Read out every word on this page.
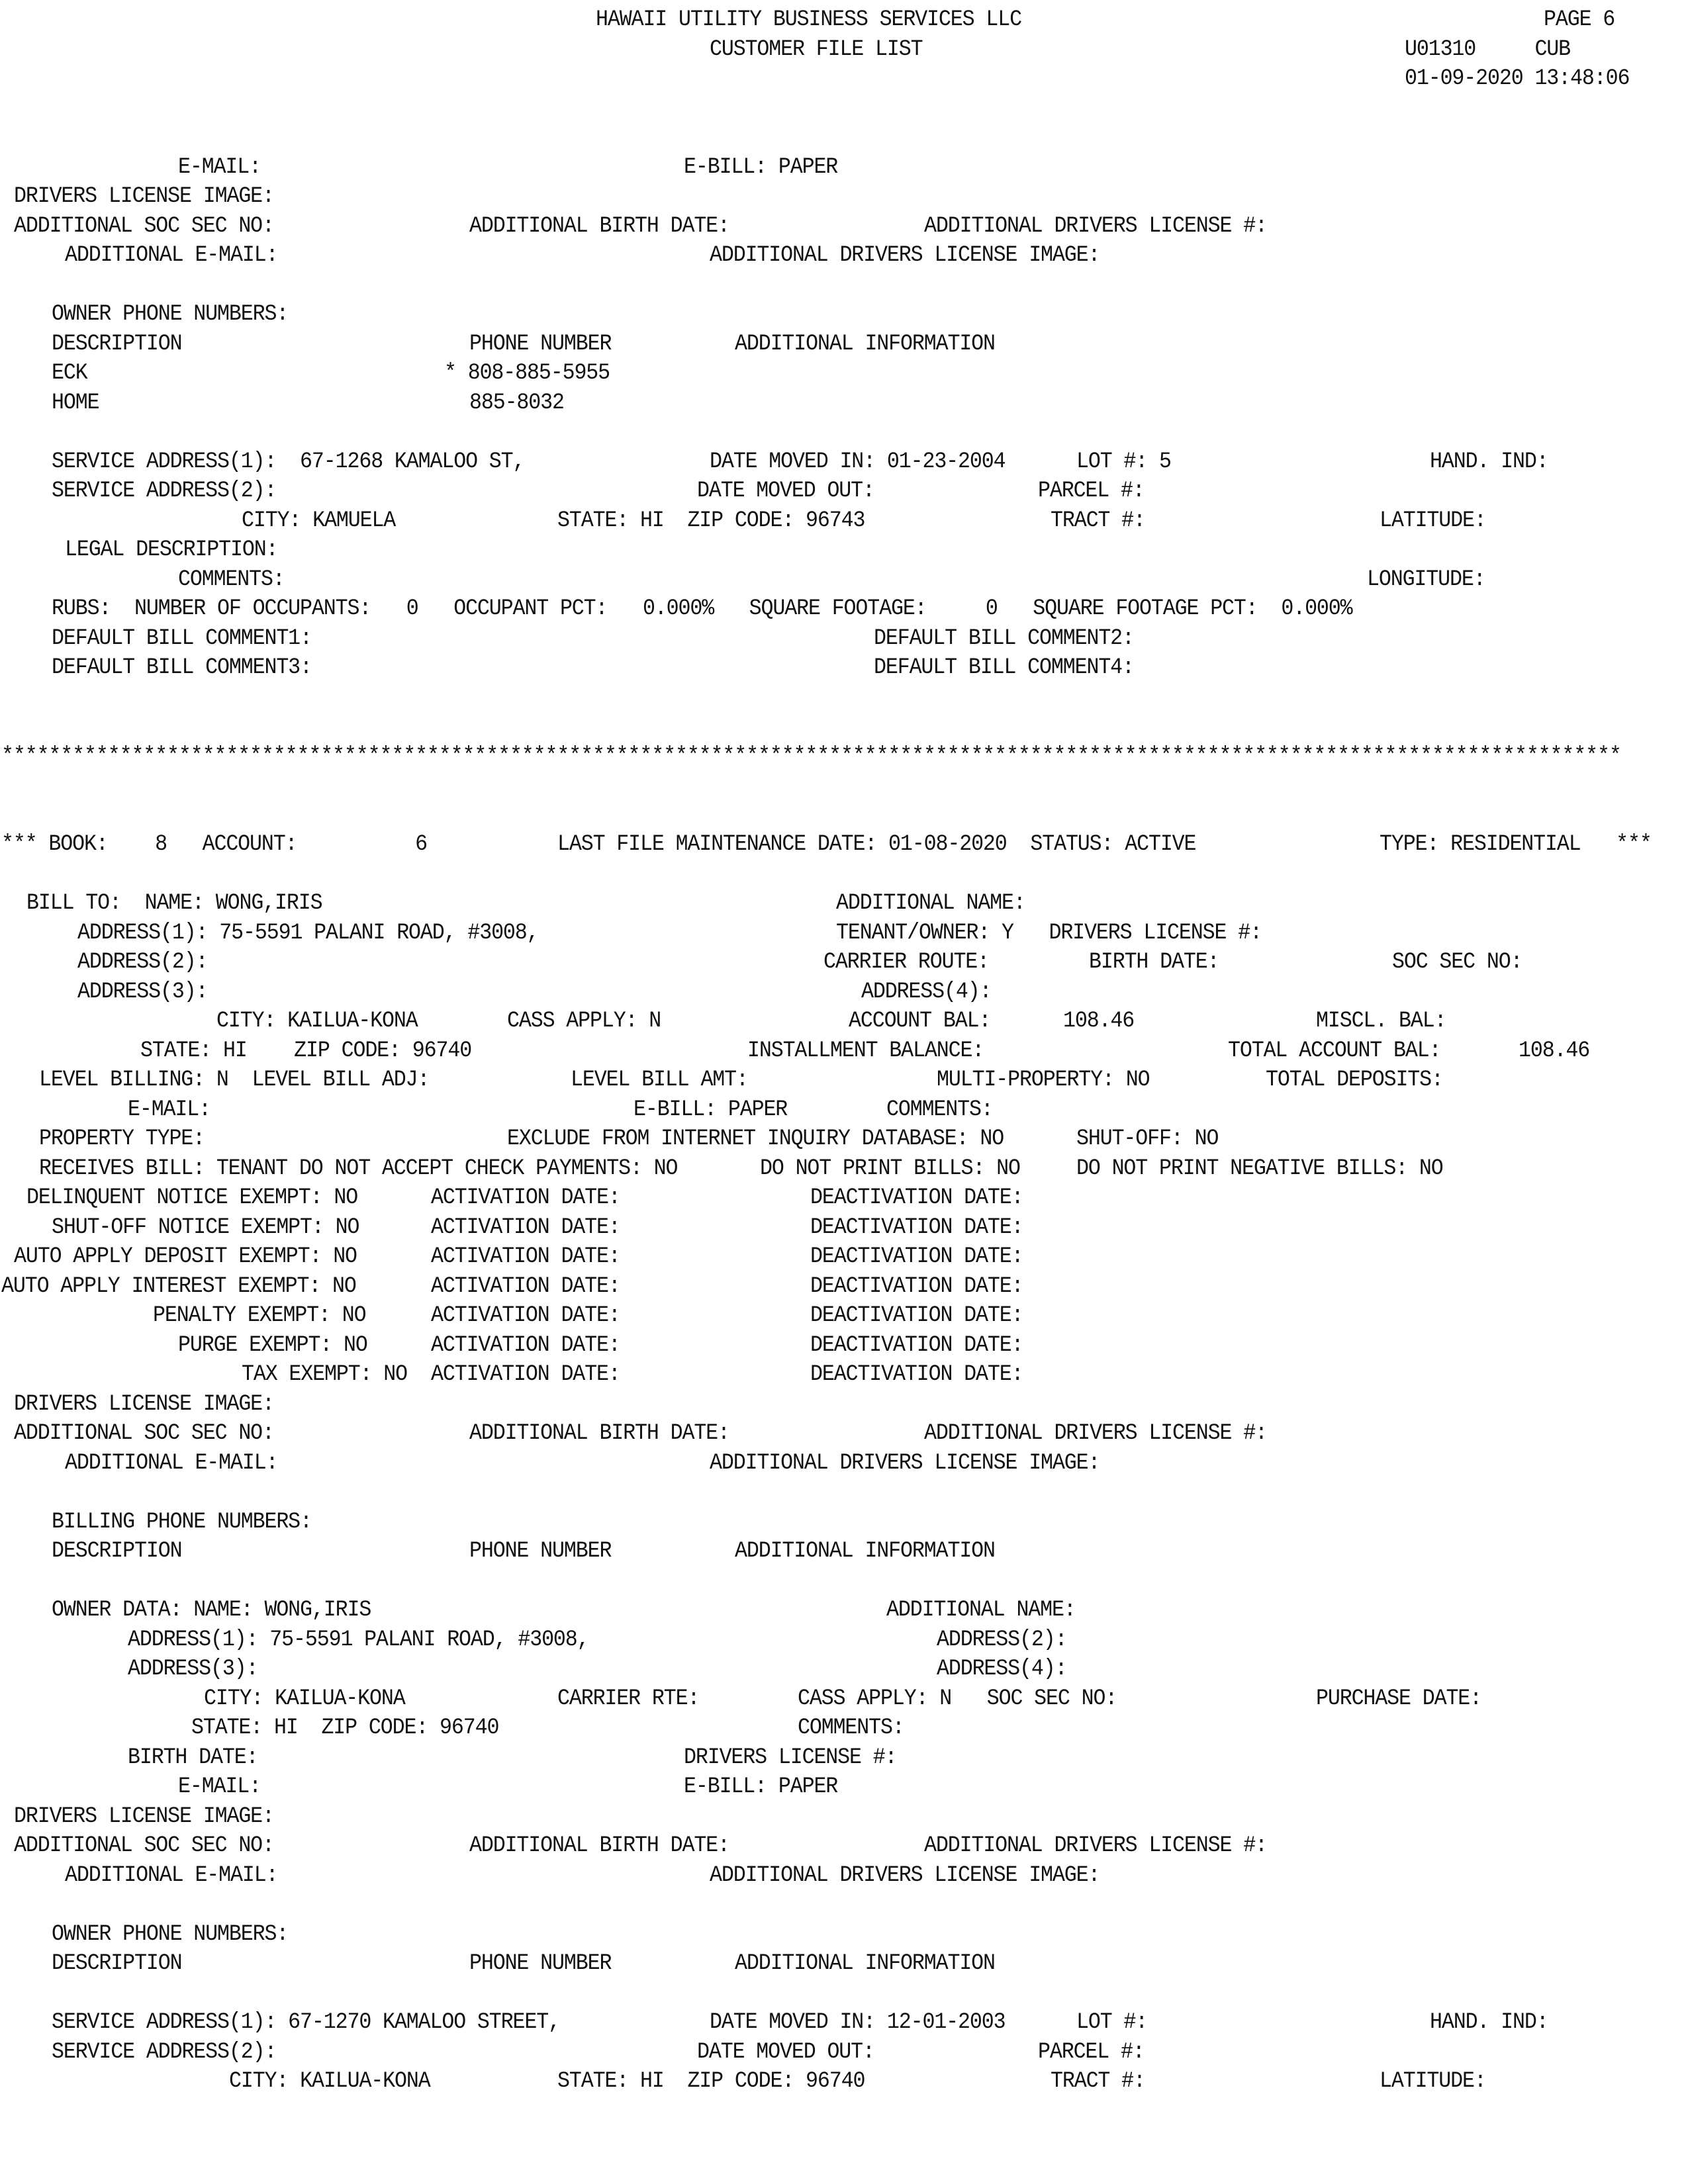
HAWAII UTILITY BUSINESS SERVICES LLC	PAGE 6
CUSTOMER FILE LIST	U01310     CUB
01-09-2020 13:48:06
E-MAIL:	E-BILL: PAPER
DRIVERS LICENSE IMAGE:
ADDITIONAL SOC SEC NO:	ADDITIONAL BIRTH DATE:	ADDITIONAL DRIVERS LICENSE #:
ADDITIONAL E-MAIL:	ADDITIONAL DRIVERS LICENSE IMAGE:
OWNER PHONE NUMBERS:
DESCRIPTION	PHONE NUMBER	ADDITIONAL INFORMATION
ECK	* 808-885-5955
HOME	885-8032
SERVICE ADDRESS(1):  67-1268 KAMALOO ST,	DATE MOVED IN: 01-23-2004	LOT #: 5	HAND. IND:
SERVICE ADDRESS(2):	DATE MOVED OUT:	PARCEL #:
CITY: KAMUELA	STATE: HI  ZIP CODE: 96743	TRACT #:	LATITUDE:
LEGAL DESCRIPTION:
COMMENTS:	LONGITUDE:
RUBS:  NUMBER OF OCCUPANTS:   0   OCCUPANT PCT:   0.000%   SQUARE FOOTAGE:     0   SQUARE FOOTAGE PCT:  0.000%
DEFAULT BILL COMMENT1:	DEFAULT BILL COMMENT2:
DEFAULT BILL COMMENT3:	DEFAULT BILL COMMENT4:
*****************************************************************************************************************************************
*** BOOK:    8   ACCOUNT:          6	LAST FILE MAINTENANCE DATE: 01-08-2020  STATUS: ACTIVE	TYPE: RESIDENTIAL   ***
BILL TO:  NAME: WONG,IRIS	ADDITIONAL NAME:
ADDRESS(1): 75-5591 PALANI ROAD, #3008,	TENANT/OWNER: Y   DRIVERS LICENSE #:
ADDRESS(2):	CARRIER ROUTE:	BIRTH DATE:	SOC SEC NO:
ADDRESS(3):	ADDRESS(4):
CITY: KAILUA-KONA	CASS APPLY: N	ACCOUNT BAL:	108.46	MISCL. BAL:
STATE: HI    ZIP CODE: 96740	INSTALLMENT BALANCE:	TOTAL ACCOUNT BAL:	108.46
LEVEL BILLING: N  LEVEL BILL ADJ:	LEVEL BILL AMT:	MULTI-PROPERTY: NO	TOTAL DEPOSITS:
E-MAIL:	E-BILL: PAPER	COMMENTS:
PROPERTY TYPE:	EXCLUDE FROM INTERNET INQUIRY DATABASE: NO	SHUT-OFF: NO
RECEIVES BILL: TENANT DO NOT ACCEPT CHECK PAYMENTS: NO	DO NOT PRINT BILLS: NO DO NOT PRINT NEGATIVE BILLS: NO
DELINQUENT NOTICE EXEMPT: NO	ACTIVATION DATE:	DEACTIVATION DATE:
SHUT-OFF NOTICE EXEMPT: NO	ACTIVATION DATE:	DEACTIVATION DATE:
AUTO APPLY DEPOSIT EXEMPT: NO	ACTIVATION DATE:	DEACTIVATION DATE:
AUTO APPLY INTEREST EXEMPT: NO	ACTIVATION DATE:	DEACTIVATION DATE:
PENALTY EXEMPT: NO	ACTIVATION DATE:	DEACTIVATION DATE:
PURGE EXEMPT: NO	ACTIVATION DATE:	DEACTIVATION DATE:
TAX EXEMPT: NO ACTIVATION DATE:	DEACTIVATION DATE:
DRIVERS LICENSE IMAGE:
ADDITIONAL SOC SEC NO:	ADDITIONAL BIRTH DATE:	ADDITIONAL DRIVERS LICENSE #:
ADDITIONAL E-MAIL:	ADDITIONAL DRIVERS LICENSE IMAGE:
BILLING PHONE NUMBERS:
DESCRIPTION	PHONE NUMBER	ADDITIONAL INFORMATION
OWNER DATA: NAME: WONG,IRIS	ADDITIONAL NAME:
ADDRESS(1): 75-5591 PALANI ROAD, #3008,	ADDRESS(2):
ADDRESS(3):	ADDRESS(4):
CITY: KAILUA-KONA	CARRIER RTE:	CASS APPLY: N   SOC SEC NO:	PURCHASE DATE:
STATE: HI  ZIP CODE: 96740	COMMENTS:
BIRTH DATE:	DRIVERS LICENSE #:
E-MAIL:	E-BILL: PAPER
DRIVERS LICENSE IMAGE:
ADDITIONAL SOC SEC NO:	ADDITIONAL BIRTH DATE:	ADDITIONAL DRIVERS LICENSE #:
ADDITIONAL E-MAIL:	ADDITIONAL DRIVERS LICENSE IMAGE:
OWNER PHONE NUMBERS:
DESCRIPTION	PHONE NUMBER	ADDITIONAL INFORMATION
SERVICE ADDRESS(1): 67-1270 KAMALOO STREET,	DATE MOVED IN: 12-01-2003	LOT #:	HAND. IND:
SERVICE ADDRESS(2):	DATE MOVED OUT:	PARCEL #:
CITY: KAILUA-KONA	STATE: HI  ZIP CODE: 96740	TRACT #:	LATITUDE:
